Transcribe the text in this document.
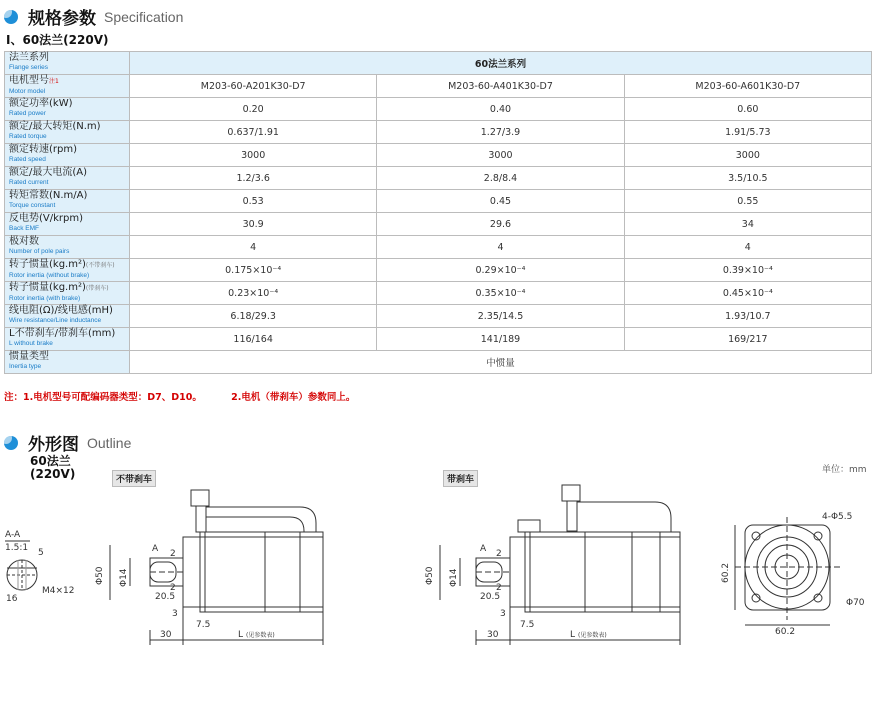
规格参数 Specification
I、60法兰(220V)
法兰系列
Flange series	60法兰系列		

电机型号注1
Motor model	M203-60-A201K30-D7	M203-60-A401K30-D7	M203-60-A601K30-D7

额定功率(kW)
Rated power	0.20	0.40	0.60

额定/最大转矩(N.m)
Rated torque	0.637/1.91	1.27/3.9	1.91/5.73

额定转速(rpm)
Rated speed	3000	3000	3000

额定/最大电流(A)
Rated current	1.2/3.6	2.8/8.4	3.5/10.5

转矩常数(N.m/A)
Torque constant	0.53	0.45	0.55

反电势(V/krpm)
Back EMF	30.9	29.6	34

极对数
Number of pole pairs	4	4	4

转子惯量(kg.m²)(不带刹车)
Rotor inertia (without brake)	0.175×10⁻⁴	0.29×10⁻⁴	0.39×10⁻⁴

转子惯量(kg.m²)(带刹车)
Rotor inertia (with brake)	0.23×10⁻⁴	0.35×10⁻⁴	0.45×10⁻⁴

线电阻(Ω)/线电感(mH)
Wire resistance/Line inductance	6.18/29.3	2.35/14.5	1.93/10.7

L不带刹车/带刹车(mm)
L without brake	116/164	141/189	169/217

惯量类型
Inertia type	中惯量		
注：1.电机型号可配编码器类型：D7、D10。	2.电机（带刹车）参数同上。
外形图 Outline
60法兰
(220V)	不带刹车	带刹车
单位：mm
A-A
1.5:1 5
16
M4×12
A 2
2
Φ50 Φ14
20.5
3
7.5
30	L (见参数表)
A 2
2
Φ50 Φ14
20.5
3
7.5
30	L (见参数表)
4-Φ5.5
60.2
60.2
Φ70
